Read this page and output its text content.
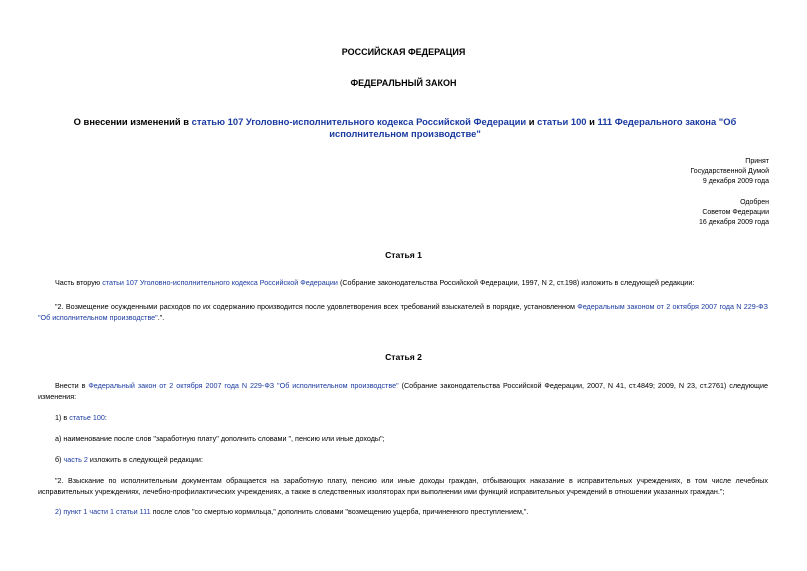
РОССИЙСКАЯ ФЕДЕРАЦИЯ
ФЕДЕРАЛЬНЫЙ ЗАКОН
О внесении изменений в статью 107 Уголовно-исполнительного кодекса Российской Федерации и статьи 100 и 111 Федерального закона "Об исполнительном производстве"
Принят
Государственной Думой
9 декабря 2009 года
Одобрен
Советом Федерации
16 декабря 2009 года
Статья 1
Часть вторую статьи 107 Уголовно-исполнительного кодекса Российской Федерации (Собрание законодательства Российской Федерации, 1997, N 2, ст.198) изложить в следующей редакции:
"2. Возмещение осужденными расходов по их содержанию производится после удовлетворения всех требований взыскателей в порядке, установленном Федеральным законом от 2 октября 2007 года N 229-ФЗ "Об исполнительном производстве".".
Статья 2
Внести в Федеральный закон от 2 октября 2007 года N 229-ФЗ "Об исполнительном производстве" (Собрание законодательства Российской Федерации, 2007, N 41, ст.4849; 2009, N 23, ст.2761) следующие изменения:
1) в статье 100:
а) наименование после слов "заработную плату" дополнить словами ", пенсию или иные доходы";
б) часть 2 изложить в следующей редакции:
"2. Взыскание по исполнительным документам обращается на заработную плату, пенсию или иные доходы граждан, отбывающих наказание в исправительных учреждениях, в том числе лечебных исправительных учреждениях, лечебно-профилактических учреждениях, а также в следственных изоляторах при выполнении ими функций исправительных учреждений в отношении указанных граждан.";
2) пункт 1 части 1 статьи 111 после слов "со смертью кормильца," дополнить словами "возмещению ущерба, причиненного преступлением,".
